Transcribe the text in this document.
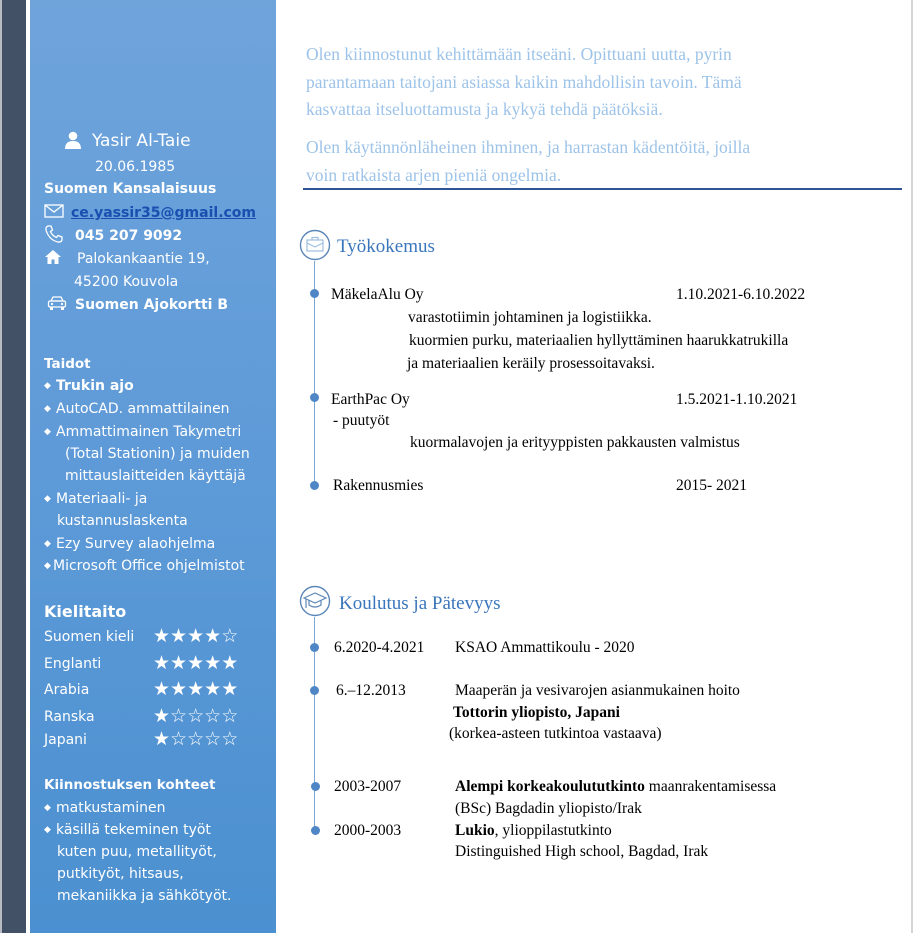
Yasir Al-Taie
20.06.1985
Suomen Kansalaisuus
ce.yassir35@gmail.com
045 207 9092
Palokankaantie 19,
45200 Kouvola
Suomen Ajokortti B
Taidot
◆ Trukin ajo
◆ AutoCAD. ammattilainen
◆ Ammattimainen Takymetri
(Total Stationin) ja muiden
mittauslaitteiden käyttäjä
◆ Materiaali- ja
kustannuslaskenta
◆ Ezy Survey alaohjelma
◆ Microsoft Office ohjelmistot
Kielitaito
Suomen kieli ★★★★☆
Englanti	★★★★★
Arabia	★★★★★
Ranska	★☆☆☆☆
Japani	★☆☆☆☆
Kiinnostuksen kohteet
◆ matkustaminen
◆ käsillä tekeminen työt
kuten puu, metallityöt,
putkityöt, hitsaus,
mekaniikka ja sähkötyöt.
Olen kiinnostunut kehittämään itseäni. Opittuani uutta, pyrin
parantamaan taitojani asiassa kaikin mahdollisin tavoin. Tämä
kasvattaa itseluottamusta ja kykyä tehdä päätöksiä.
Olen käytännönläheinen ihminen, ja harrastan kädentöitä, joilla
voin ratkaista arjen pieniä ongelmia.
Työkokemus
MäkelaAlu Oy	1.10.2021-6.10.2022
varastotiimin johtaminen ja logistiikka.
kuormien purku, materiaalien hyllyttäminen haarukkatrukilla
ja materiaalien keräily prosessoitavaksi.
EarthPac Oy	1.5.2021-1.10.2021
- puutyöt
kuormalavojen ja erityyppisten pakkausten valmistus
Rakennusmies	2015- 2021
Koulutus ja Pätevyys
6.2020-4.2021 KSAO Ammattikoulu - 2020
6.–12.2013	Maaperän ja vesivarojen asianmukainen hoito
Tottorin yliopisto, Japani
(korkea-asteen tutkintoa vastaava)
2003-2007	Alempi korkeakoulututkinto maanrakentamisessa
(BSc) Bagdadin yliopisto/Irak
2000-2003	Lukio, ylioppilastutkinto
Distinguished High school, Bagdad, Irak
